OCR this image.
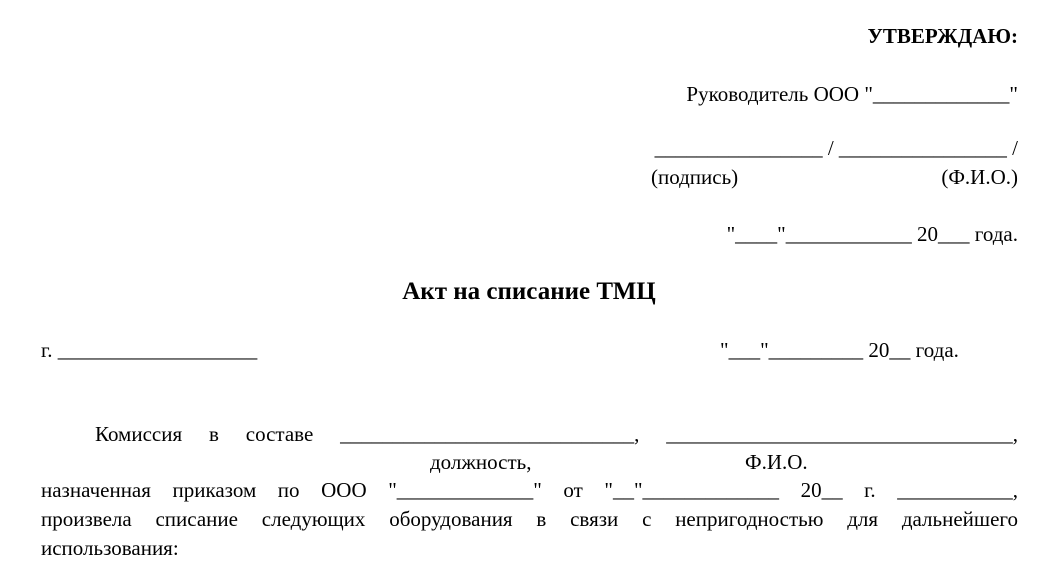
УТВЕРЖДАЮ:
Руководитель ООО "_____________"
________________ / ________________ /
(подпись)	(Ф.И.О.)
"____"____________ 20___ года.
Акт на списание ТМЦ
г. ___________________	"___"_________ 20__ года.
Комиссия в составе ____________________________, _________________________________,
должность,	Ф.И.О.
назначенная приказом по ООО "_____________" от "__"_____________ 20__ г. ___________,
произвела списание следующих оборудования в связи с непригодностью для дальнейшего
использования:
